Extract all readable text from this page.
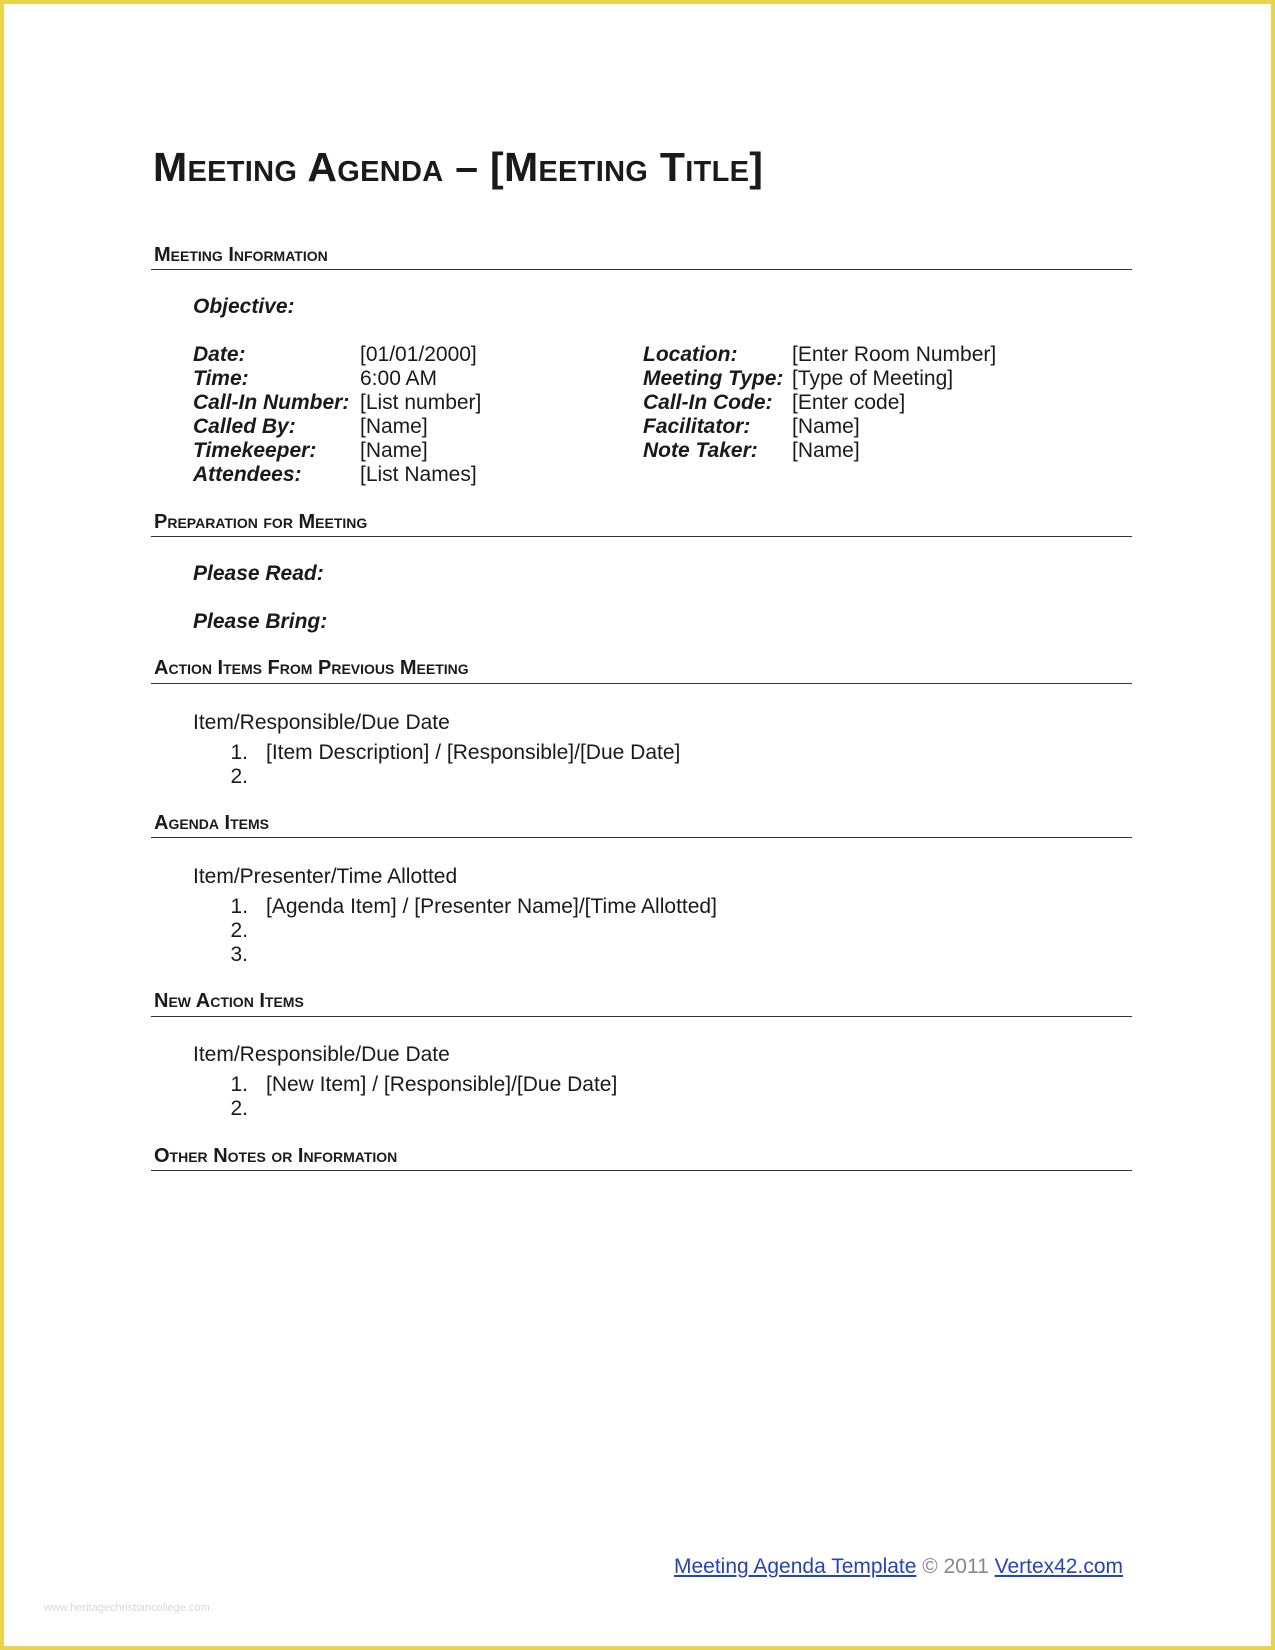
Meeting Agenda – [Meeting Title]
Meeting Information
Objective:
Date:	[01/01/2000]
Time:	6:00 AM
Call-In Number: [List number]
Called By:	[Name]
Timekeeper: [Name]
Attendees:	[List Names]
Location:	[Enter Room Number]
Meeting Type: [Type of Meeting]
Call-In Code: [Enter code]
Facilitator: [Name]
Note Taker: [Name]
Preparation for Meeting
Please Read:
Please Bring:
Action Items From Previous Meeting
Item/Responsible/Due Date
1. [Item Description] / [Responsible]/[Due Date]
2.
Agenda Items
Item/Presenter/Time Allotted
1. [Agenda Item] / [Presenter Name]/[Time Allotted]
2.
3.
New Action Items
Item/Responsible/Due Date
1. [New Item] / [Responsible]/[Due Date]
2.
Other Notes or Information
Meeting Agenda Template © 2011 Vertex42.com
www.heritagechristiancollege.com
